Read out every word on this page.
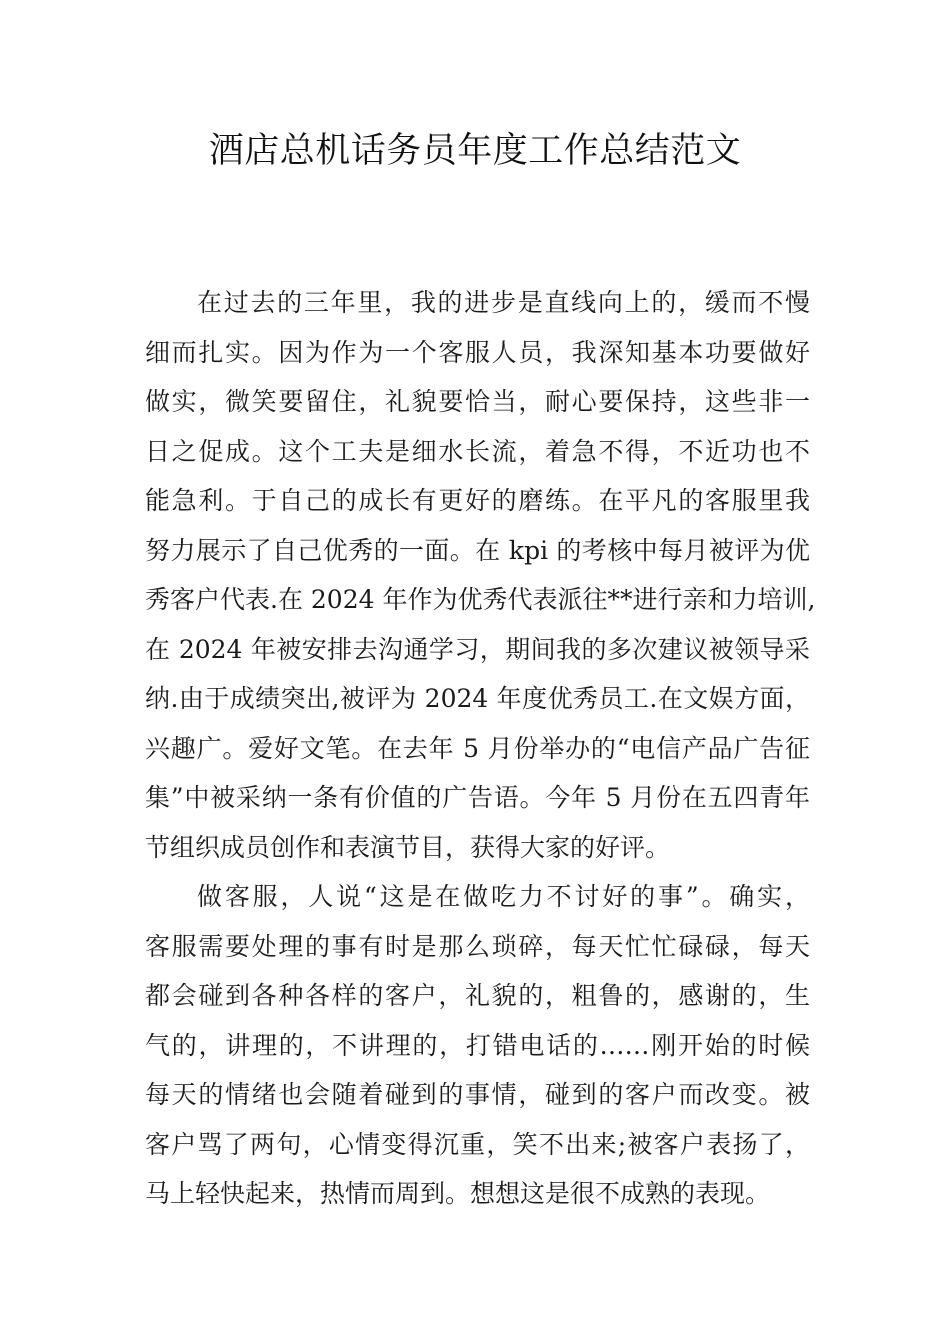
酒店总机话务员年度工作总结范文
在过去的三年里，我的进步是直线向上的，缓而不慢
细而扎实。因为作为一个客服人员，我深知基本功要做好
做实，微笑要留住，礼貌要恰当，耐心要保持，这些非一
日之促成。这个工夫是细水长流，着急不得，不近功也不
能急利。于自己的成长有更好的磨练。在平凡的客服里我
努力展示了自己优秀的一面。在 kpi 的考核中每月被评为优
秀客户代表.在 2024 年作为优秀代表派往**进行亲和力培训,
在 2024 年被安排去沟通学习，期间我的多次建议被领导采
纳.由于成绩突出,被评为 2024 年度优秀员工.在文娱方面，
兴趣广。爱好文笔。在去年 5 月份举办的“电信产品广告征
集”中被采纳一条有价值的广告语。今年 5 月份在五四青年
节组织成员创作和表演节目，获得大家的好评。
做客服，人说“这是在做吃力不讨好的事”。确实，
客服需要处理的事有时是那么琐碎，每天忙忙碌碌，每天
都会碰到各种各样的客户，礼貌的，粗鲁的，感谢的，生
气的，讲理的，不讲理的，打错电话的……刚开始的时候
每天的情绪也会随着碰到的事情，碰到的客户而改变。被
客户骂了两句，心情变得沉重，笑不出来;被客户表扬了，
马上轻快起来，热情而周到。想想这是很不成熟的表现。
